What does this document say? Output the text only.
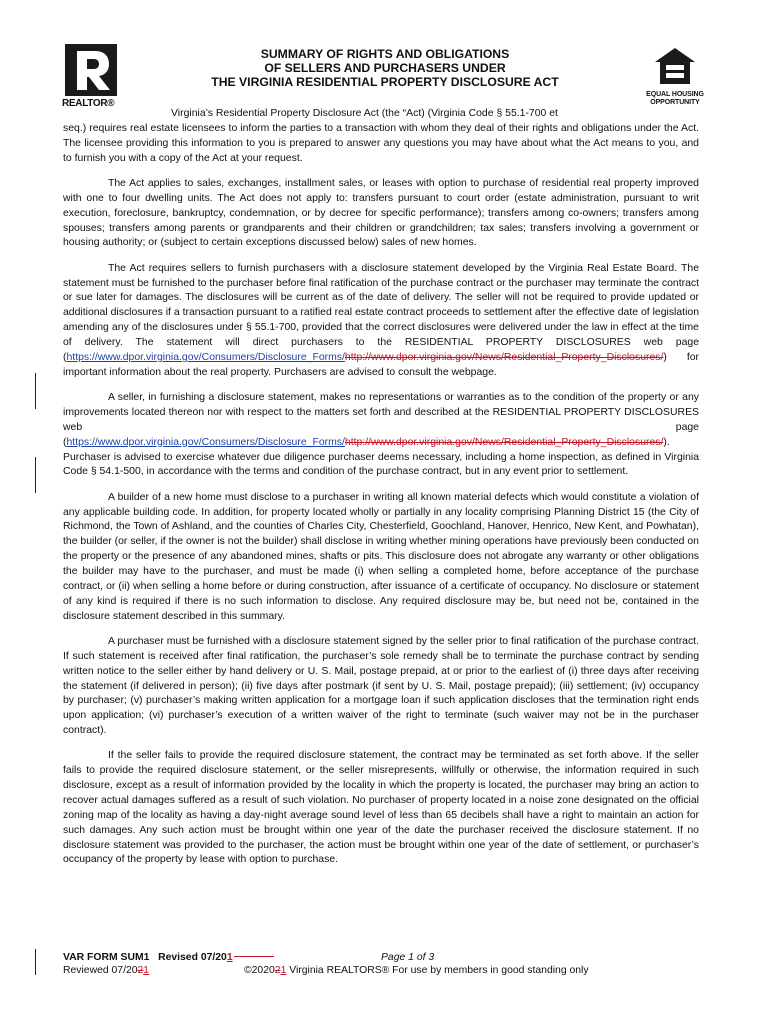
REALTOR®
SUMMARY OF RIGHTS AND OBLIGATIONS
OF SELLERS AND PURCHASERS UNDER
THE VIRGINIA RESIDENTIAL PROPERTY DISCLOSURE ACT
EQUAL HOUSING
OPPORTUNITY

Virginia’s Residential Property Disclosure Act (the “Act) (Virginia Code § 55.1-700 et
seq.) requires real estate licensees to inform the parties to a transaction with whom they deal of their rights and obligations under the Act. The licensee providing this information to you is prepared to answer any questions you may have about what the Act means to you, and to furnish you with a copy of the Act at your request.

The Act applies to sales, exchanges, installment sales, or leases with option to purchase of residential real property improved with one to four dwelling units. The Act does not apply to: transfers pursuant to court order (estate administration, pursuant to writ execution, foreclosure, bankruptcy, condemnation, or by decree for specific performance); transfers among co-owners; transfers among spouses; transfers among parents or grandparents and their children or grandchildren; tax sales; transfers involving a government or housing authority; or (subject to certain exceptions discussed below) sales of new homes.

The Act requires sellers to furnish purchasers with a disclosure statement developed by the Virginia Real Estate Board. The statement must be furnished to the purchaser before final ratification of the purchase contract or the purchaser may terminate the contract or sue later for damages. The disclosures will be current as of the date of delivery. The seller will not be required to provide updated or additional disclosures if a transaction pursuant to a ratified real estate contract proceeds to settlement after the effective date of legislation amending any of the disclosures under § 55.1-700, provided that the correct disclosures were delivered under the law in effect at the time of delivery. The statement will direct purchasers to the RESIDENTIAL PROPERTY DISCLOSURES web page (https://www.dpor.virginia.gov/Consumers/Disclosure_Forms/http://www.dpor.virginia.gov/News/Residential_Property_Disclosures/) for important information about the real property. Purchasers are advised to consult the webpage.

A seller, in furnishing a disclosure statement, makes no representations or warranties as to the condition of the property or any improvements located thereon nor with respect to the matters set forth and described at the RESIDENTIAL PROPERTY DISCLOSURES web page (https://www.dpor.virginia.gov/Consumers/Disclosure_Forms/http://www.dpor.virginia.gov/News/Residential_Property_Disclosures/). Purchaser is advised to exercise whatever due diligence purchaser deems necessary, including a home inspection, as defined in Virginia Code § 54.1-500, in accordance with the terms and condition of the purchase contract, but in any event prior to settlement.

A builder of a new home must disclose to a purchaser in writing all known material defects which would constitute a violation of any applicable building code. In addition, for property located wholly or partially in any locality comprising Planning District 15 (the City of Richmond, the Town of Ashland, and the counties of Charles City, Chesterfield, Goochland, Hanover, Henrico, New Kent, and Powhatan), the builder (or seller, if the owner is not the builder) shall disclose in writing whether mining operations have previously been conducted on the property or the presence of any abandoned mines, shafts or pits. This disclosure does not abrogate any warranty or other obligations the builder may have to the purchaser, and must be made (i) when selling a completed home, before acceptance of the purchase contract, or (ii) when selling a home before or during construction, after issuance of a certificate of occupancy. No disclosure or statement of any kind is required if there is no such information to disclose. Any required disclosure may be, but need not be, contained in the disclosure statement described in this summary.

A purchaser must be furnished with a disclosure statement signed by the seller prior to final ratification of the purchase contract. If such statement is received after final ratification, the purchaser’s sole remedy shall be to terminate the purchase contract by sending written notice to the seller either by hand delivery or U. S. Mail, postage prepaid, at or prior to the earliest of (i) three days after receiving the statement (if delivered in person); (ii) five days after postmark (if sent by U. S. Mail, postage prepaid); (iii) settlement; (iv) occupancy by purchaser; (v) purchaser’s making written application for a mortgage loan if such application discloses that the termination right ends upon application; (vi) purchaser’s execution of a written waiver of the right to terminate (such waiver may not be in the purchaser contract).

If the seller fails to provide the required disclosure statement, the contract may be terminated as set forth above. If the seller fails to provide the required disclosure statement, or the seller misrepresents, willfully or otherwise, the information required in such disclosure, except as a result of information provided by the locality in which the property is located, the purchaser may bring an action to recover actual damages suffered as a result of such violation. No purchaser of property located in a noise zone designated on the official zoning map of the locality as having a day-night average sound level of less than 65 decibels shall have a right to maintain an action for such damages. Any such action must be brought within one year of the date the purchaser received the disclosure statement. If no disclosure statement was provided to the purchaser, the action must be brought within one year of the date of settlement, or purchaser’s occupancy of the property by lease with option to purchase.

VAR FORM SUM1 Revised 07/201	Page 1 of 3
Reviewed 07/2021	©202021 Virginia REALTORS® For use by members in good standing only
